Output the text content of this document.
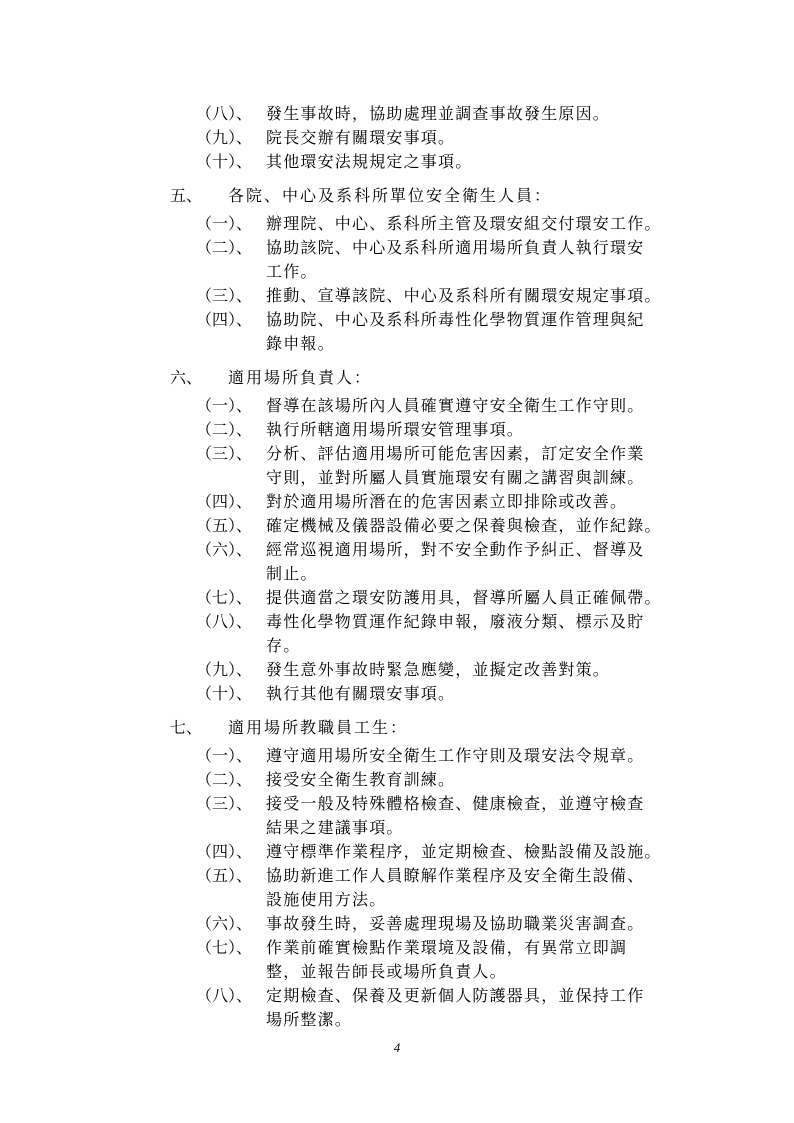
（八）、 發生事故時，協助處理並調查事故發生原因。
（九）、 院長交辦有關環安事項。
（十）、 其他環安法規規定之事項。
五、 各院、中心及系科所單位安全衛生人員：
（一）、 辦理院、中心、系科所主管及環安組交付環安工作。
（二）、 協助該院、中心及系科所適用場所負責人執行環安
工作。
（三）、 推動、宣導該院、中心及系科所有關環安規定事項。
（四）、 協助院、中心及系科所毒性化學物質運作管理與紀
錄申報。
六、 適用場所負責人：
（一）、 督導在該場所內人員確實遵守安全衛生工作守則。
（二）、 執行所轄適用場所環安管理事項。
（三）、 分析、評估適用場所可能危害因素，訂定安全作業
守則，並對所屬人員實施環安有關之講習與訓練。
（四）、 對於適用場所潛在的危害因素立即排除或改善。
（五）、 確定機械及儀器設備必要之保養與檢查，並作紀錄。
（六）、 經常巡視適用場所，對不安全動作予糾正、督導及
制止。
（七）、 提供適當之環安防護用具，督導所屬人員正確佩帶。
（八）、 毒性化學物質運作紀錄申報，廢液分類、標示及貯
存。
（九）、 發生意外事故時緊急應變，並擬定改善對策。
（十）、 執行其他有關環安事項。
七、 適用場所教職員工生：
（一）、 遵守適用場所安全衛生工作守則及環安法令規章。
（二）、 接受安全衛生教育訓練。
（三）、 接受一般及特殊體格檢查、健康檢查，並遵守檢查
結果之建議事項。
（四）、 遵守標準作業程序，並定期檢查、檢點設備及設施。
（五）、 協助新進工作人員瞭解作業程序及安全衛生設備、
設施使用方法。
（六）、 事故發生時，妥善處理現場及協助職業災害調查。
（七）、 作業前確實檢點作業環境及設備，有異常立即調
整，並報告師長或場所負責人。
（八）、 定期檢查、保養及更新個人防護器具，並保持工作
場所整潔。
4
